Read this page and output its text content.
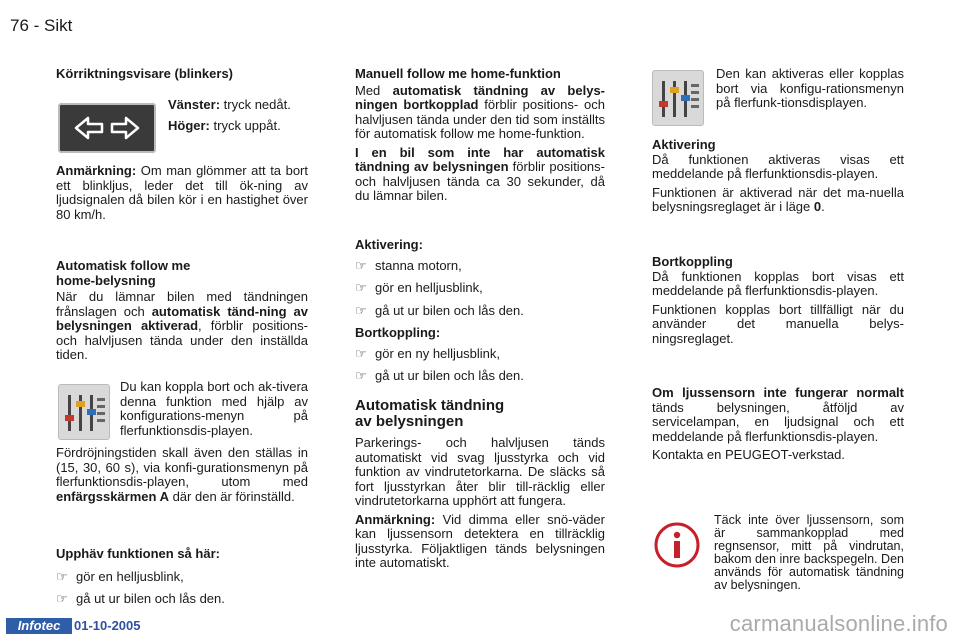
76 - Sikt
Körriktningsvisare (blinkers)

Vänster: tryck nedåt.

Höger: tryck uppåt.

Anmärkning: Om man glömmer att ta bort ett blinkljus, leder det till ök-ning av ljudsignalen då bilen kör i en hastighet över 80 km/h.

Automatisk follow me
home-belysning

När du lämnar bilen med tändningen frånslagen och automatisk tänd-ning av belysningen aktiverad, förblir positions- och halvljusen tända under den inställda tiden.

Du kan koppla bort och ak-tivera denna funktion med hjälp av konfigurations-menyn på flerfunktionsdis-playen.

Fördröjningstiden skall även den ställas in (15, 30, 60 s), via konfi-gurationsmenyn på flerfunktionsdis-playen, utom med enfärgsskärmen A där den är förinställd.

Upphäv funktionen så här:
☞ gör en helljusblink,
☞ gå ut ur bilen och lås den.
Manuell follow me home-funktion

Med automatisk tändning av belys-ningen bortkopplad förblir positions- och halvljusen tända under den tid som inställts för automatisk follow me home-funktion.

I en bil som inte har automatisk tändning av belysningen förblir positions- och halvljusen tända ca 30 sekunder, då du lämnar bilen.

Aktivering:
☞ stanna motorn,
☞ gör en helljusblink,
☞ gå ut ur bilen och lås den.
Bortkoppling:
☞ gör en ny helljusblink,
☞ gå ut ur bilen och lås den.
Automatisk tändning
av belysningen

Parkerings- och halvljusen tänds automatiskt vid svag ljusstyrka och vid funktion av vindrutetorkarna. De släcks så fort ljusstyrkan åter blir till-räcklig eller vindrutetorkarna upphört att fungera.

Anmärkning: Vid dimma eller snö-väder kan ljussensorn detektera en tillräcklig ljusstyrka. Följaktligen tänds belysningen inte automatiskt.

Den kan aktiveras eller kopplas bort via konfigu-rationsmenyn på flerfunk-tionsdisplayen.

Aktivering

Då funktionen aktiveras visas ett meddelande på flerfunktionsdis-playen.

Funktionen är aktiverad när det ma-nuella belysningsreglaget är i läge 0.

Bortkoppling

Då funktionen kopplas bort visas ett meddelande på flerfunktionsdis-playen.

Funktionen kopplas bort tillfälligt när du använder det manuella belys-ningsreglaget.

Om ljussensorn inte fungerar normalt tänds belysningen, åtföljd av servicelampan, en ljudsignal och ett meddelande på flerfunktionsdis-playen.

Kontakta en PEUGEOT-verkstad.

Täck inte över ljussensorn, som är sammankopplad med regnsensor, mitt på vindrutan, bakom den inre backspegeln. Den används för automatisk tändning av belysningen.

Infotec	01-10-2005	carmanualsonline.info
